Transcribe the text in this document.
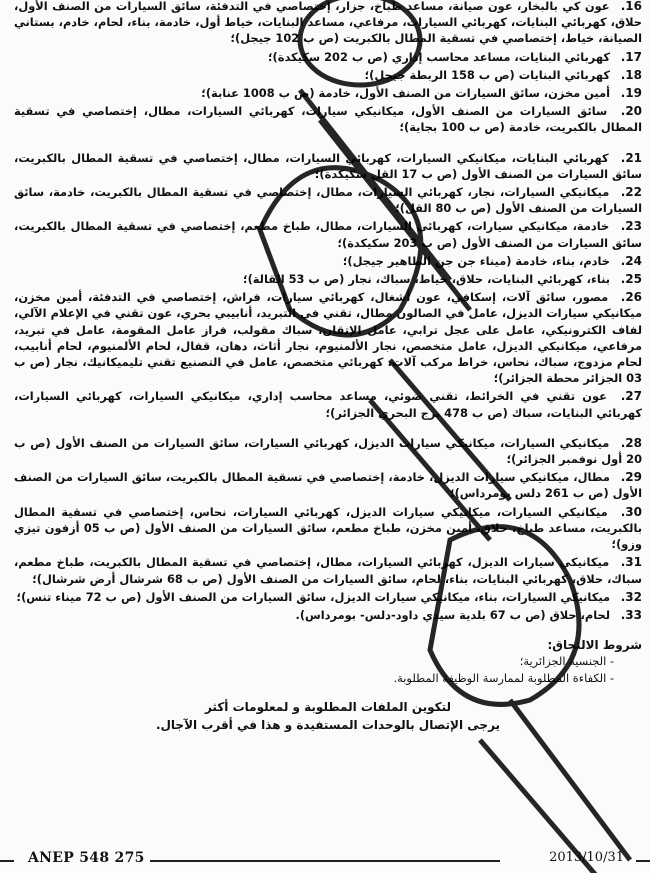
16. عون كي بالبخار، عون صيانة، مساعد طباخ، جزار، إختصاصي في التدفئة، سائق السيارات من الصنف الأول، حلاق، كهربائي البنايات، كهربائي السيارات، مرفاعي، مساعد البنايات، خياط أول، خادمة، بناء، لحام، خادم، بستاني الصيانة، خياط، إختصاصي في تسقية المطال بالكبريت (ص ب 102 جيجل)؛
17. كهربائي البنايات، مساعد محاسب إداري (ص ب 202 سكيكدة)؛
18. كهربائي البنايات (ص ب 158 الربطة جيجل)؛
19. أمين مخزن، سائق السيارات من الصنف الأول، خادمة (ص ب 1008 عنابة)؛
20. سائق السيارات من الصنف الأول، ميكانيكي سيارات، كهربائي السيارات، مطال، إختصاصي في تسقية المطال بالكبريت، خادمة (ص ب 100 بجاية)؛
21. كهربائي البنايات، ميكانيكي السيارات، كهربائي السيارات، مطال، إختصاصي في تسقية المطال بالكبريت، سائق السيارات من الصنف الأول (ص ب 17 القل سكيكدة)؛
22. ميكانيكي السيارات، نجار، كهربائي السيارات، مطال، إختصاصي في تسقية المطال بالكبريت، خادمة، سائق السيارات من الصنف الأول (ص ب 80 القل)؛
23. خادمة، ميكانيكي سيارات، كهربائي السيارات، مطال، طباخ مطعم، إختصاصي في تسقية المطال بالكبريت، سائق السيارات من الصنف الأول (ص ب 203 سكيكدة)؛
24. خادم، بناء، خادمة (ميناء جن جن الطاهير جيجل)؛
25. بناء، كهربائي البنايات، حلاق، خياط، سباك، نجار (ص ب 53 القالة)؛
26. مصور، سائق آلات، إسكافي، عون أشغال، كهربائي سيارات، فراش، إختصاصي في التدفئة، أمين مخزن، ميكانيكي سيارات الديزل، عامل في الصالون مطال، تقني في التبريد، أنابيبي بحري، عون تقني في الإعلام الآلي، لفاف الكترونيكي، عامل على عجل ترابي، عامل الإتقان، سباك مقولب، فراز عامل المقومة، عامل في تبريد، مرفاعي، ميكانيكي الديزل، عامل متخصص، نجار الألمنيوم، نجار أثاث، دهان، قفال، لحام الألمنيوم، لحام أنابيب، لحام مزدوج، سباك، نحاس، خراط مركب آلات، كهربائي متخصص، عامل في التصنيع تقني تليميكانيك، نجار (ص ب 03 الجزائر محطة الجزائر)؛
27. عون تقني في الخرائط، تقني ضوئي، مساعد محاسب إداري، ميكانيكي السيارات، كهربائي السيارات، كهربائي البنايات، سباك (ص ب 478 برج البحري الجزائر)؛
28. ميكانيكي السيارات، ميكانيكي سيارات الديزل، كهربائي السيارات، سائق السيارات من الصنف الأول (ص ب 20 أول نوفمبر الجزائر)؛
29. مطال، ميكانيكي سيارات الديزل، خادمة، إختصاصي في تسقية المطال بالكبريت، سائق السيارات من الصنف الأول (ص ب 261 دلس بومرداس)؛
30. ميكانيكي السيارات، ميكانيكي سيارات الديزل، كهربائي السيارات، نحاس، إختصاصي في تسقية المطال بالكبريت، مساعد طباخ، حلاق، أمين مخزن، طباخ مطعم، سائق السيارات من الصنف الأول (ص ب 05 أزفون تيزي وزو)؛
31. ميكانيكي سيارات الديزل، كهربائي السيارات، مطال، إختصاصي في تسقية المطال بالكبريت، طباخ مطعم، سباك، حلاق، كهربائي البنايات، بناء، لحام، سائق السيارات من الصنف الأول (ص ب 68 شرشال أرض شرشال)؛
32. ميكانيكي السيارات، بناء، ميكانيكي سيارات الديزل، سائق السيارات من الصنف الأول (ص ب 72 ميناء تنس)؛
33. لحام، حلاق (ص ب 67 بلدية سيدي داود-دلس- بومرداس).
شروط الالتحاق:
- الجنسية الجزائرية؛
- الكفاءة المطلوبة لممارسة الوظيفة المطلوبة.
لتكوين الملفات المطلوبة و لمعلومات أكثر
يرجى الإتصال بالوحدات المستفيدة و هذا في أقرب الآجال.
ANEP 548 275	2013/10/31
